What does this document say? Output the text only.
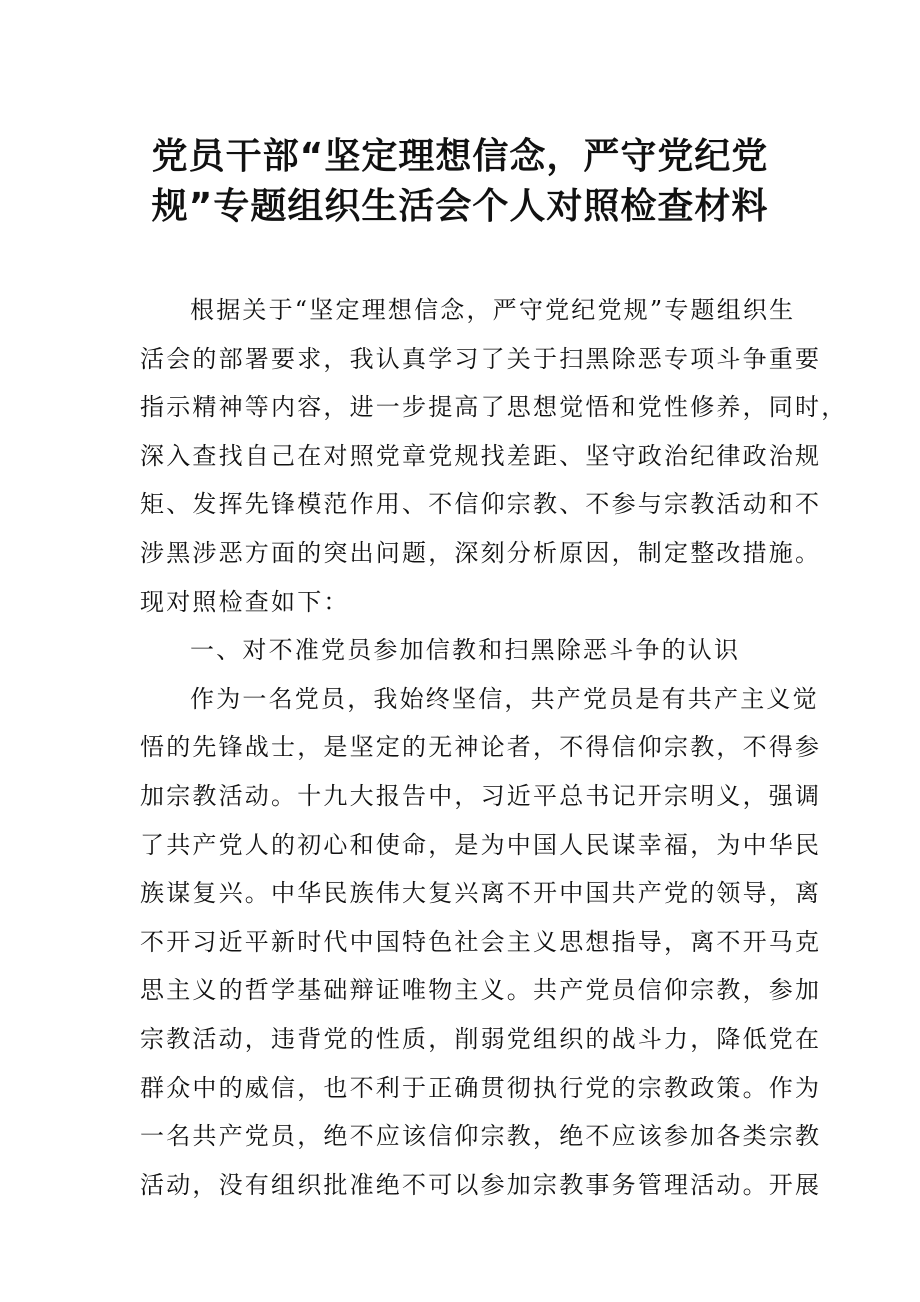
党员干部“坚定理想信念，严守党纪党
规”专题组织生活会个人对照检查材料
根据关于“坚定理想信念，严守党纪党规”专题组织生
活会的部署要求，我认真学习了关于扫黑除恶专项斗争重要
指示精神等内容，进一步提高了思想觉悟和党性修养，同时，
深入查找自己在对照党章党规找差距、坚守政治纪律政治规
矩、发挥先锋模范作用、不信仰宗教、不参与宗教活动和不
涉黑涉恶方面的突出问题，深刻分析原因，制定整改措施。
现对照检查如下：
一、对不准党员参加信教和扫黑除恶斗争的认识
作为一名党员，我始终坚信，共产党员是有共产主义觉
悟的先锋战士，是坚定的无神论者，不得信仰宗教，不得参
加宗教活动。十九大报告中，习近平总书记开宗明义，强调
了共产党人的初心和使命，是为中国人民谋幸福，为中华民
族谋复兴。中华民族伟大复兴离不开中国共产党的领导，离
不开习近平新时代中国特色社会主义思想指导，离不开马克
思主义的哲学基础辩证唯物主义。共产党员信仰宗教，参加
宗教活动，违背党的性质，削弱党组织的战斗力，降低党在
群众中的威信，也不利于正确贯彻执行党的宗教政策。作为
一名共产党员，绝不应该信仰宗教，绝不应该参加各类宗教
活动，没有组织批准绝不可以参加宗教事务管理活动。开展
